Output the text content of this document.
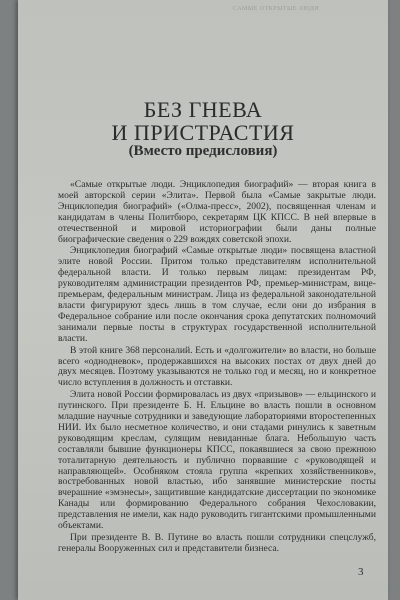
САМЫЕ ОТКРЫТЫЕ ЛЮДИ
БЕЗ ГНЕВА
И ПРИСТРАСТИЯ
(Вместо предисловия)

«Самые открытые люди. Энциклопедия биографий» — вторая книга в моей авторской серии «Элита». Первой была «Самые закрытые люди. Энциклопедия биографий» («Олма-пресс», 2002), посвященная членам и кандидатам в члены Политбюро, секретарям ЦК КПСС. В ней впервые в отечественной и мировой историографии были даны полные биографические сведения о 229 вождях советской эпохи.

Энциклопедия биографий «Самые открытые люди» посвящена властной элите новой России. Притом только представителям исполнительной федеральной власти. И только первым лицам: президентам РФ, руководителям администрации президентов РФ, премьер-министрам, вице-премьерам, федеральным министрам. Лица из федеральной законодательной власти фигурируют здесь лишь в том случае, если они до избрания в Федеральное собрание или после окончания срока депутатских полномочий занимали первые посты в структурах государственной исполнительной власти.

В этой книге 368 персоналий. Есть и «долгожители» во власти, но больше всего «однодневок», продержавшихся на высоких постах от двух дней до двух месяцев. Поэтому указываются не только год и месяц, но и конкретное число вступления в должность и отставки.

Элита новой России формировалась из двух «призывов» — ельцинского и путинского. При президенте Б. Н. Ельцине во власть пошли в основном младшие научные сотрудники и заведующие лабораториями второстепенных НИИ. Их было несметное количество, и они стадами ринулись к заветным руководящим креслам, сулящим невиданные блага. Небольшую часть составляли бывшие функционеры КПСС, покаявшиеся за свою прежнюю тоталитарную деятельность и публично порвавшие с «руководящей и направляющей». Особняком стояла группа «крепких хозяйственников», востребованных новой властью, ибо занявшие министерские посты вчерашние «эмэнесы», защитившие кандидатские диссертации по экономике Канады или формированию Федерального собрания Чехословакии, представления не имели, как надо руководить гигантскими промышленными объектами.

При президенте В. В. Путине во власть пошли сотрудники спецслужб, генералы Вооруженных сил и представители бизнеса.

3
